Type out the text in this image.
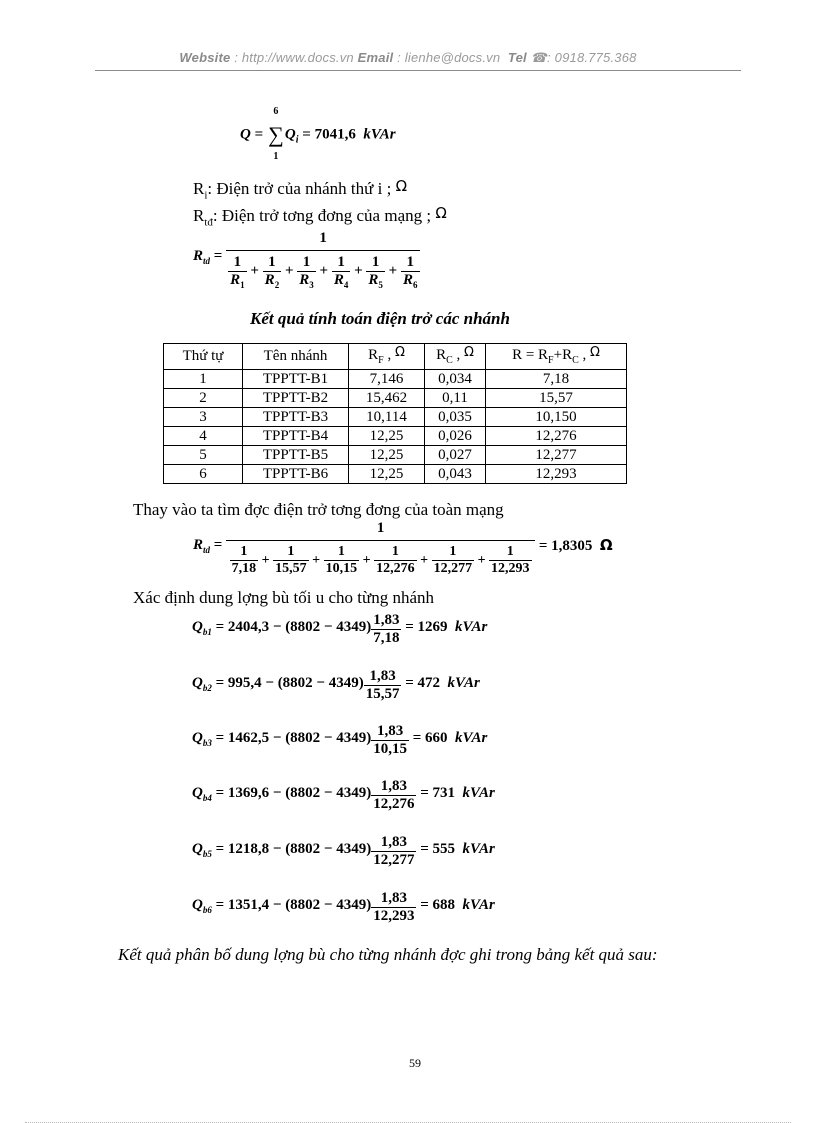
Website : http://www.docs.vn Email : lienhe@docs.vn Tel ☎: 0918.775.368
Q =
6
∑
1
$Q_i = 7041,6$ kVAr
$R_i$: Điện trở của nhánh thứ i ; Ω
$R_{tđ}$: Điện trở tơng đơng của mạng ; Ω
$R_{td} = \frac{1}{\frac{1}{R_1} + \frac{1}{R_2} + \frac{1}{R_3} + \frac{1}{R_4} + \frac{1}{R_5} + \frac{1}{R_6}}$
Kết quả tính toán điện trở các nhánh
Thứ tự	Tên nhánh	$R_F$ , Ω	$R_C$ , Ω	$R = R_F+R_C$ , Ω
1	TPPTT-B1	7,146	0,034	7,18
2	TPPTT-B2	15,462	0,11	15,57
3	TPPTT-B3	10,114	0,035	10,150
4	TPPTT-B4	12,25	0,026	12,276
5	TPPTT-B5	12,25	0,027	12,277
6	TPPTT-B6	12,25	0,043	12,293
Thay vào ta tìm đợc điện trở tơng đơng của toàn mạng
$R_{td} = \frac{1}{\frac{1}{7,18} + \frac{1}{15,57} + \frac{1}{10,15} + \frac{1}{12,276} + \frac{1}{12,277} + \frac{1}{12,293}} = 1,8305$ Ω
Xác định dung lợng bù tối u cho từng nhánh
$Q_{b1} = 2404,3 - (8802 - 4349) \frac{1,83}{7,18} = 1269$ kVAr
$Q_{b2} = 995,4 - (8802 - 4349) \frac{1,83}{15,57} = 472$ kVAr
$Q_{b3} = 1462,5 - (8802 - 4349) \frac{1,83}{10,15} = 660$ kVAr
$Q_{b4} = 1369,6 - (8802 - 4349) \frac{1,83}{12,276} = 731$ kVAr
$Q_{b5} = 1218,8 - (8802 - 4349) \frac{1,83}{12,277} = 555$ kVAr
$Q_{b6} = 1351,4 - (8802 - 4349) \frac{1,83}{12,293} = 688$ kVAr
Kết quả phân bố dung lợng bù cho từng nhánh đợc ghi trong bảng kết quả sau:
59
